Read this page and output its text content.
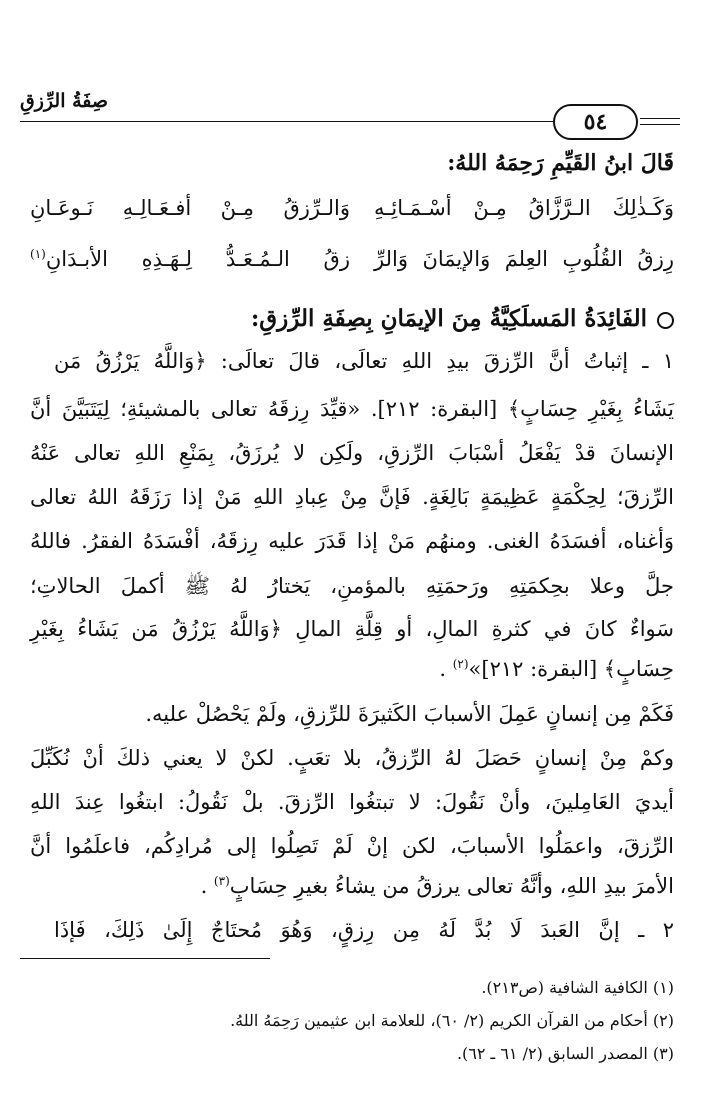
صِفَةُ الرِّزقِ
٥٤
قَالَ ابنُ القَيِّمِ رَحِمَهُ اللهُ:
وَكَـذٰلِكَ الـرَّزَّاقُ مِـنْ أسْـمَـائِـهِ
وَالـرِّزقُ مِـنْ أفـعَـالِـهِ نَـوعَـانِ
رِزقُ القُلُوبِ العِلمَ وَالإيمَانَ وَالرِّ
زقُ الـمُـعَـدُّ لِـهَـذِهِ الأبـدَانِ$^{(١)}$
الفَائِدَةُ المَسلَكِيَّةُ مِنَ الإيمَانِ بِصِفَةِ الرِّزقِ:
١ ـ إثباتُ أنَّ الرِّزقَ بيدِ اللهِ تعالَى، قالَ تعالَى: ﴿وَاللَّهُ يَرْزُقُ مَن
يَشَاءُ بِغَيْرِ حِسَابٍ﴾ [البقرة: ٢١٢]. «قيِّدَ رِزقَهُ تعالى بالمشيئةِ؛ لِيَتَبَيَّنَ أنَّ
الإنسانَ قدْ يَفْعَلُ أسْبَابَ الرِّزقِ، ولَكِن لا يُرزَقُ، بِمَنْعِ اللهِ تعالى عَنْهُ
الرِّزقَ؛ لِحِكْمَةٍ عَظِيمَةٍ بَالِغَةٍ. فَإنَّ مِنْ عِبادِ اللهِ مَنْ إذا رَزَقَهُ اللهُ تعالى
وَأغناه، أفسَدَهُ الغنى. ومنهُم مَنْ إذا قَدَرَ عليه رِزقَهُ، أفْسَدَهُ الفقرُ. فاللهُ
جلَّ وعلا بحِكمَتِهِ ورَحمَتِهِ بالمؤمنِ، يَختارُ لهُ ﷺ أكملَ الحالاتِ؛
سَواءٌ كانَ في كثرةِ المالِ، أو قِلَّةِ المالِ ﴿وَاللَّهُ يَرْزُقُ مَن يَشَاءُ بِغَيْرِ
حِسَابٍ﴾ [البقرة: ٢١٢]»$^{(٢)}$ .
فَكَمْ مِن إنسانٍ عَمِلَ الأسبابَ الكَثيرَةَ للرِّزقِ، ولَمْ يَحْصُلْ عليه.
وكمْ مِنْ إنسانٍ حَصَلَ لهُ الرِّزقُ، بلا تعَبٍ. لكنْ لا يعني ذلكَ أنْ نُكَبِّلَ
أيديَ العَامِلينَ، وأنْ نَقُولَ: لا تبتغُوا الرِّزقَ. بلْ نَقُولُ: ابتغُوا عِندَ اللهِ
الرِّزقَ، واعمَلُوا الأسبابَ، لكن إنْ لَمْ تَصِلُوا إلى مُرادِكُم، فاعلَمُوا أنَّ
الأمرَ بيدِ اللهِ، وأنَّهُ تعالى يرزقُ من يشاءُ بغيرِ حِسَابٍ$^{(٣)}$ .
٢ ـ إنَّ العَبدَ لَا بُدَّ لَهُ مِن رِزقٍ، وَهُوَ مُحتَاجٌ إِلَىٰ ذَلِكَ، فَإذَا
(١) الكافية الشافية (ص٢١٣).
(٢) أحكام من القرآن الكريم (٢/ ٦٠)، للعلامة ابن عثيمين رَحِمَهُ اللهُ.
(٣) المصدر السابق (٢/ ٦١ ـ ٦٢).
